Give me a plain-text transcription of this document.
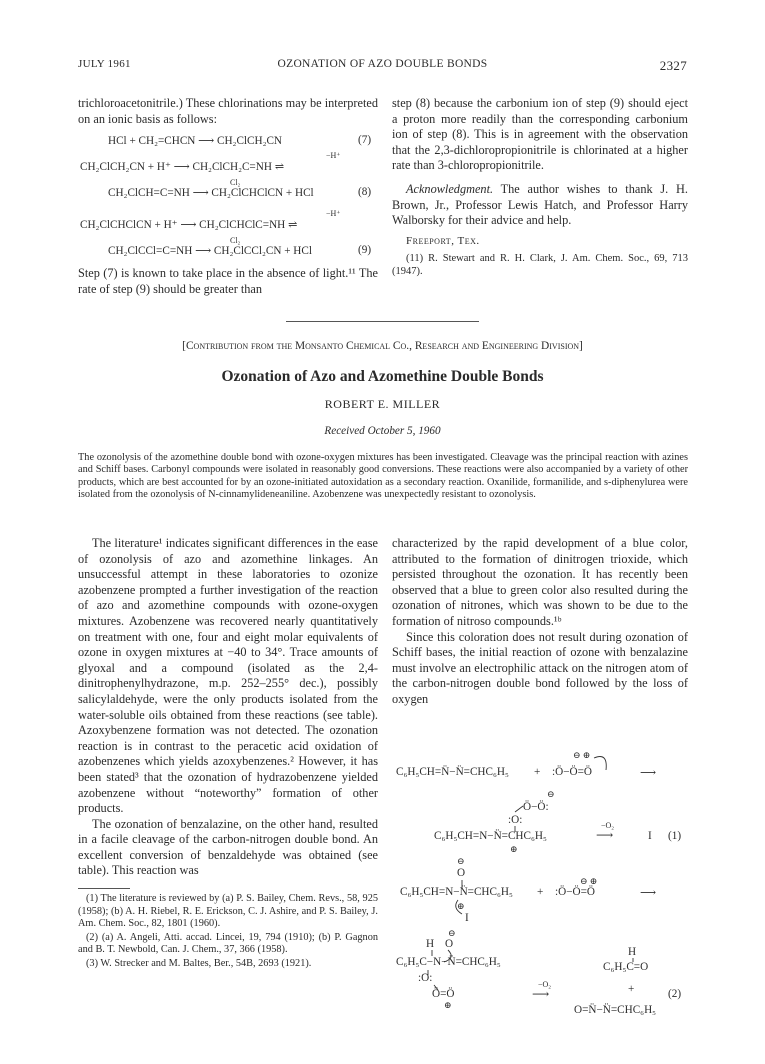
JULY 1961	OZONATION OF AZO DOUBLE BONDS	2327

trichloroacetonitrile.) These chlorinations may be interpreted on an ionic basis as follows:

HCl + CH₂=CHCN ⟶ CH₂ClCH₂CN	(7)
−H⁺
CH₂ClCH₂CN + H⁺ ⟶ CH₂ClCH₂C=NH ⇌
Cl₂
CH₂ClCH=C=NH ⟶ CH₂ClCHClCN + HCl	(8)
−H⁺
CH₂ClCHClCN + H⁺ ⟶ CH₂ClCHClC=NH ⇌
Cl₂
CH₂ClCCl=C=NH ⟶ CH₂ClCCl₂CN + HCl	(9)

Step (7) is known to take place in the absence of light.¹¹ The rate of step (9) should be greater than

step (8) because the carbonium ion of step (9) should eject a proton more readily than the corresponding carbonium ion of step (8). This is in agreement with the observation that the 2,3-dichloropropionitrile is chlorinated at a higher rate than 3-chloropropionitrile.

Acknowledgment. The author wishes to thank J. H. Brown, Jr., Professor Lewis Hatch, and Professor Harry Walborsky for their advice and help.

Freeport, Tex.

(11) R. Stewart and R. H. Clark, J. Am. Chem. Soc., 69, 713 (1947).

[Contribution from the Monsanto Chemical Co., Research and Engineering Division]
Ozonation of Azo and Azomethine Double Bonds
ROBERT E. MILLER
Received October 5, 1960
The ozonolysis of the azomethine double bond with ozone-oxygen mixtures has been investigated. Cleavage was the principal reaction with azines and Schiff bases. Carbonyl compounds were isolated in reasonably good conversions. These reactions were also accompanied by a variety of other products, which are best accounted for by an ozone-initiated autoxidation as a secondary reaction. Oxanilide, formanilide, and s-diphenylurea were isolated from the ozonolysis of N-cinnamylideneaniline. Azobenzene was unexpectedly resistant to ozonolysis.

The literature¹ indicates significant differences in the ease of ozonolysis of azo and azomethine linkages. An unsuccessful attempt in these laboratories to ozonize azobenzene prompted a further investigation of the reaction of azo and azomethine compounds with ozone-oxygen mixtures. Azobenzene was recovered nearly quantitatively on treatment with one, four and eight molar equivalents of ozone in oxygen mixtures at −40 to 34°. Trace amounts of glyoxal and a compound (isolated as the 2,4-dinitrophenylhydrazone, m.p. 252–255° dec.), possibly salicylaldehyde, were the only products isolated from the water-soluble oils obtained from these reactions (see table). Azoxybenzene formation was not detected. The ozonation reaction is in contrast to the peracetic acid oxidation of azobenzenes which yields azoxybenzenes.² However, it has been stated³ that the ozonation of hydrazobenzene yielded azobenzene without “noteworthy” formation of other products.

The ozonation of benzalazine, on the other hand, resulted in a facile cleavage of the carbon-nitrogen double bond. An excellent conversion of benzaldehyde was obtained (see table). This reaction was

(1) The literature is reviewed by (a) P. S. Bailey, Chem. Revs., 58, 925 (1958); (b) A. H. Riebel, R. E. Erickson, C. J. Ashire, and P. S. Bailey, J. Am. Chem. Soc., 82, 1801 (1960).

(2) (a) A. Angeli, Atti. accad. Lincei, 19, 794 (1910); (b) P. Gagnon and B. T. Newbold, Can. J. Chem., 37, 366 (1958).

(3) W. Strecker and M. Baltes, Ber., 54B, 2693 (1921).

characterized by the rapid development of a blue color, attributed to the formation of dinitrogen trioxide, which persisted throughout the ozonation. It has recently been observed that a blue to green color also resulted during the ozonation of nitrones, which was shown to be due to the formation of nitroso compounds.¹ᵇ

Since this coloration does not result during ozonation of Schiff bases, the initial reaction of ozone with benzalazine must involve an electrophilic attack on the nitrogen atom of the carbon-nitrogen double bond followed by the loss of oxygen

⊖ ⊕
C₆H₅CH=N̈−N̈=CHC₆H₅ + :Ö−Ö=Ö	⟶
⊖
Ö−Ö:
:O:
C₆H₅CH=N−N̈=CHC₆H₅
⊕
−O₂
⟶	I (1)
⊖
O
⊖ ⊕
C₆H₅CH=N−N̈=CHC₆H₅ + :Ö−Ö=Ö	⟶
⊕
I
⊖
H O
C₆H₅C−N−N̈=CHC₆H₅
:O:
Ö=Ö
⊕
−O₂
⟶
H
C₆H₅C=O
+
O=N̈−N̈=CHC₆H₅
(2)
